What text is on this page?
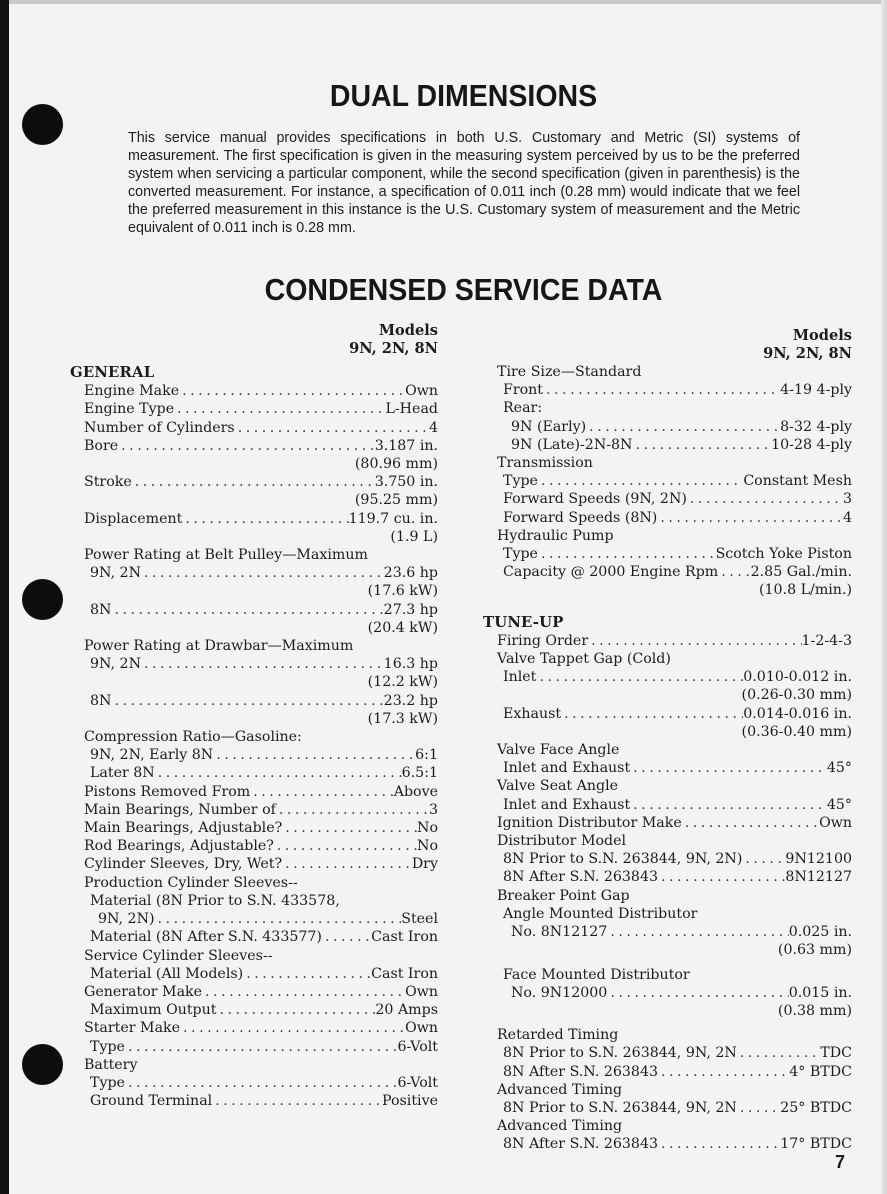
DUAL DIMENSIONS

This service manual provides specifications in both U.S. Customary and Metric (SI) systems of measurement. The first specification is given in the measuring system perceived by us to be the preferred system when servicing a particular component, while the second specification (given in parenthesis) is the converted measurement. For instance, a specification of 0.011 inch (0.28 mm) would indicate that we feel the preferred measurement in this instance is the U.S. Customary system of measurement and the Metric equivalent of 0.011 inch is 0.28 mm.

CONDENSED SERVICE DATA
Models
9N, 2N, 8N
GENERAL
Engine Make . . .	Own
Engine Type . . .	L-Head
Number of Cylinders . . .	4
Bore . . .	3.187 in.
(80.96 mm)
Stroke . . .	3.750 in.
(95.25 mm)
Displacement . . .	119.7 cu. in.
(1.9 L)
Power Rating at Belt Pulley—Maximum
9N, 2N . . .	23.6 hp
(17.6 kW)
8N . . .	27.3 hp
(20.4 kW)
Power Rating at Drawbar—Maximum
9N, 2N . . .	16.3 hp
(12.2 kW)
8N . . .	23.2 hp
(17.3 kW)
Compression Ratio—Gasoline:
9N, 2N, Early 8N . . .	6:1
Later 8N . . .	6.5:1
Pistons Removed From . . .	Above
Main Bearings, Number of . . .	3
Main Bearings, Adjustable? . . .	No
Rod Bearings, Adjustable? . . .	No
Cylinder Sleeves, Dry, Wet? . . .	Dry
Production Cylinder Sleeves--
Material (8N Prior to S.N. 433578,
9N, 2N) . . .	Steel
Material (8N After S.N. 433577) . . .	Cast Iron
Service Cylinder Sleeves--
Material (All Models) . . .	Cast Iron
Generator Make . . .	Own
Maximum Output . . .	20 Amps
Starter Make . . .	Own
Type . . .	6-Volt
Battery
Type . . .	6-Volt
Ground Terminal . . .	Positive
Models
9N, 2N, 8N
Tire Size—Standard
Front . . .	4-19 4-ply
Rear:
9N (Early) . . .	8-32 4-ply
9N (Late)-2N-8N . . .	10-28 4-ply
Transmission
Type . . .	Constant Mesh
Forward Speeds (9N, 2N) . . .	3
Forward Speeds (8N) . . .	4
Hydraulic Pump
Type . . .	Scotch Yoke Piston
Capacity @ 2000 Engine Rpm . . . 2.85 Gal./min.
(10.8 L/min.)
TUNE-UP
Firing Order . . .	1-2-4-3
Valve Tappet Gap (Cold)
Inlet . . .	0.010-0.012 in.
(0.26-0.30 mm)
Exhaust . . .	0.014-0.016 in.
(0.36-0.40 mm)
Valve Face Angle
Inlet and Exhaust . . .	45°
Valve Seat Angle
Inlet and Exhaust . . .	45°
Ignition Distributor Make . . .	Own
Distributor Model
8N Prior to S.N. 263844, 9N, 2N) . . .	9N12100
8N After S.N. 263843 . . .	8N12127
Breaker Point Gap
Angle Mounted Distributor
No. 8N12127 . . .	0.025 in.
(0.63 mm)
Face Mounted Distributor
No. 9N12000 . . .	0.015 in.
(0.38 mm)
Retarded Timing
8N Prior to S.N. 263844, 9N, 2N . . .	TDC
8N After S.N. 263843 . . .	4° BTDC
Advanced Timing
8N Prior to S.N. 263844, 9N, 2N . . .	25° BTDC
Advanced Timing
8N After S.N. 263843 . . .	17° BTDC
7
